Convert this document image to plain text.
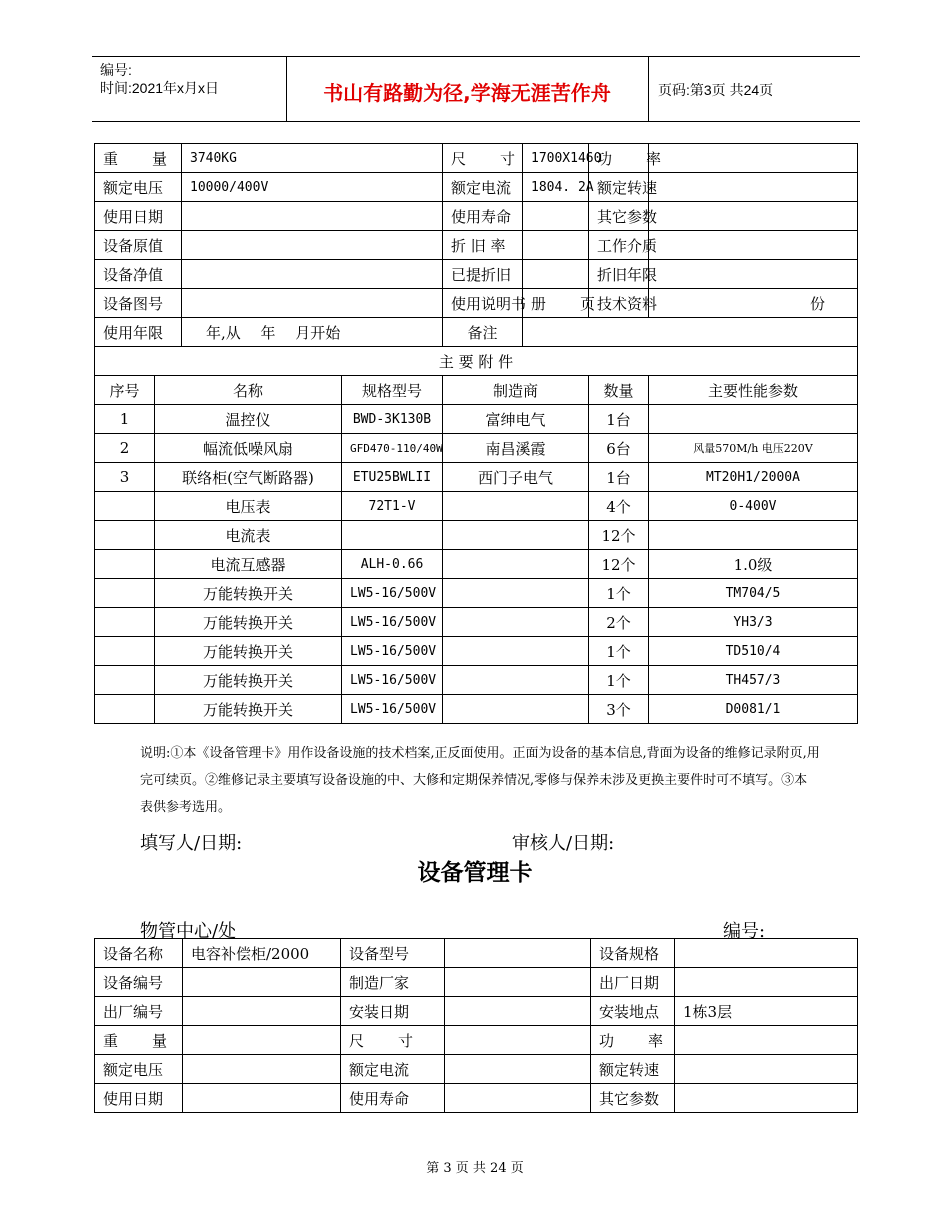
编号:
时间:2021年x月x日	书山有路勤为径,学海无涯苦作舟	页码:第3页 共24页
重 量		3740KG		尺 寸	1700X1460	功 率	

额定电压		10000/400V		额定电流	1804. 2A	额定转速	
使用日期				使用寿命		其它参数	
设备原值				折 旧 率		工作介质	
设备净值				已提折旧		折旧年限	
设备图号				使用说明书	册 页	技术资料	份
使用年限		年,从　 年　 月开始		备注			
主 要 附 件							
序号	名称		规格型号	制造商		数量	主要性能参数
1	温控仪		BWD-3K130B	富绅电气		1台	
2	幅流低噪风扇		GFD470-110/40W	南昌溪霞		6台	风量570M/h 电压220V
3	联络柜(空气断路器)		ETU25BWLII	西门子电气		1台	MT20H1/2000A
	电压表		72T1-V			4个	0-400V
	电流表					12个	
	电流互感器		ALH-0.66			12个	1.0级
	万能转换开关		LW5-16/500V			1个	TM704/5
	万能转换开关		LW5-16/500V			2个	YH3/3
	万能转换开关		LW5-16/500V			1个	TD510/4
	万能转换开关		LW5-16/500V			1个	TH457/3
	万能转换开关		LW5-16/500V			3个	D0081/1
说明:①本《设备管理卡》用作设备设施的技术档案,正反面使用。正面为设备的基本信息,背面为设备的维修记录附页,用完可续页。②维修记录主要填写设备设施的中、大修和定期保养情况,零修与保养未涉及更换主要件时可不填写。③本表供参考选用。
填写人/日期:	审核人/日期:
设备管理卡
物管中心/处	编号:
设备名称	电容补偿柜/2000	设备型号		设备规格	
设备编号		制造厂家		出厂日期	
出厂编号		安装日期		安装地点	1栋3层

重 量		尺 寸		功 率	

额定电压		额定电流		额定转速	
使用日期		使用寿命		其它参数	
第 3 页 共 24 页
